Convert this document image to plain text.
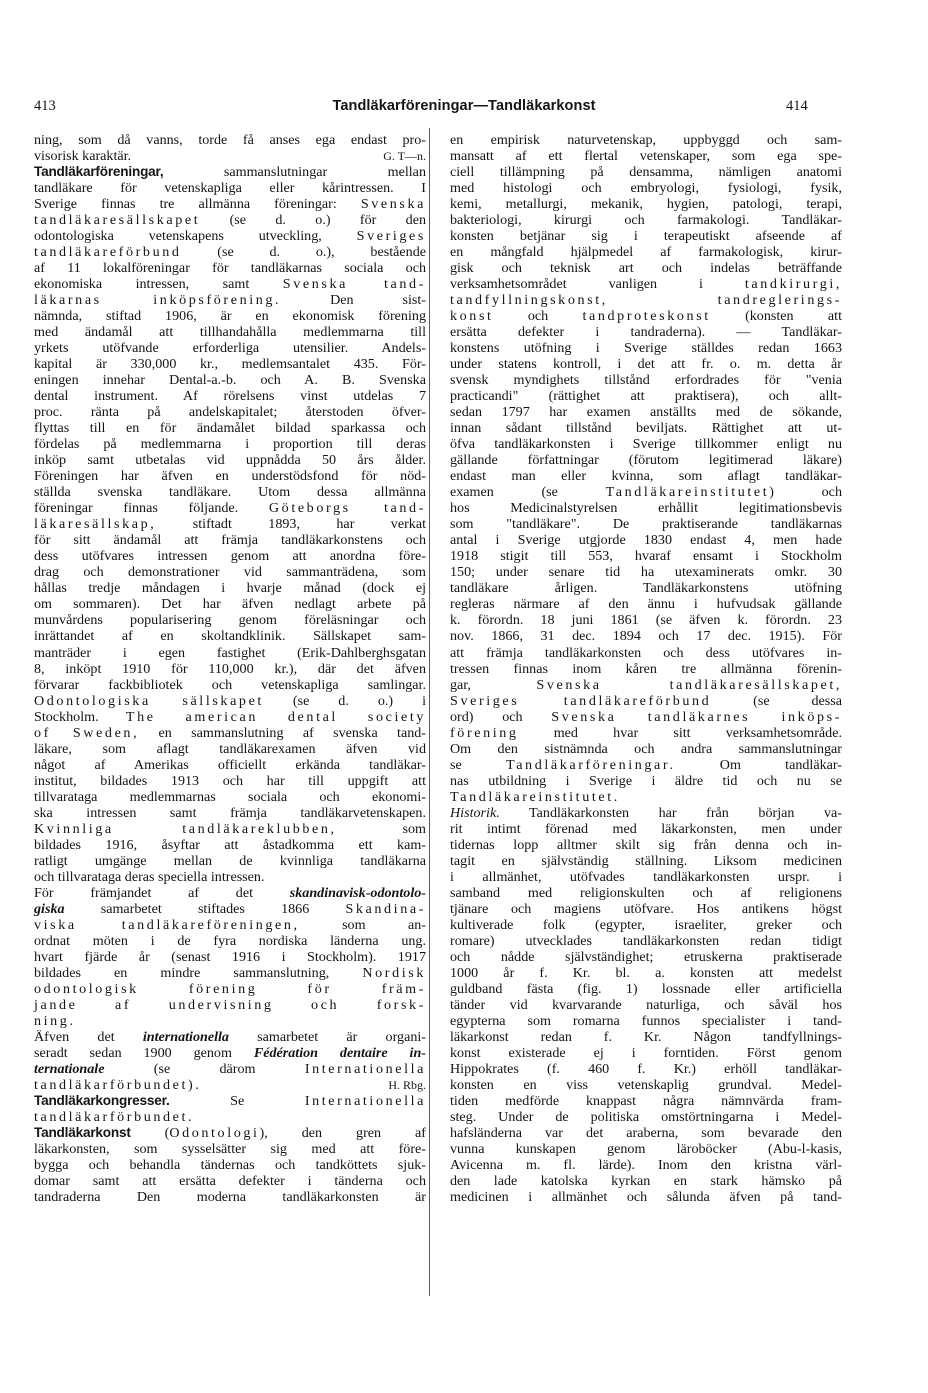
413	Tandläkarföreningar—Tandläkarkonst	414
ning, som då vanns, torde få anses ega endast pro-
visorisk karaktär.	G. T—n.
Tandläkarföreningar, sammanslutningar mellan
tandläkare för vetenskapliga eller kårintressen. I
Sverige finnas tre allmänna föreningar: Svenska
tandläkaresällskapet (se d. o.) för den
odontologiska vetenskapens utveckling, Sveriges
tandläkareförbund (se d. o.), bestående
af 11 lokalföreningar för tandläkarnas sociala och
ekonomiska intressen, samt Svenska tand-
läkarnas inköpsförening. Den sist-
nämnda, stiftad 1906, är en ekonomisk förening
med ändamål att tillhandahålla medlemmarna till
yrkets utöfvande erforderliga utensilier. Andels-
kapital är 330,000 kr., medlemsantalet 435. För-
eningen innehar Dental-a.-b. och A. B. Svenska
dental instrument. Af rörelsens vinst utdelas 7
proc. ränta på andelskapitalet; återstoden öfver-
flyttas till en för ändamålet bildad sparkassa och
fördelas på medlemmarna i proportion till deras
inköp samt utbetalas vid uppnådda 50 års ålder.
Föreningen har äfven en understödsfond för nöd-
ställda svenska tandläkare. Utom dessa allmänna
föreningar finnas följande. Göteborgs tand-
läkaresällskap, stiftadt 1893, har verkat
för sitt ändamål att främja tandläkarkonstens och
dess utöfvares intressen genom att anordna före-
drag och demonstrationer vid sammanträdena, som
hållas tredje måndagen i hvarje månad (dock ej
om sommaren). Det har äfven nedlagt arbete på
munvårdens popularisering genom föreläsningar och
inrättandet af en skoltandklinik. Sällskapet sam-
manträder i egen fastighet (Erik-Dahlberghsgatan
8, inköpt 1910 för 110,000 kr.), där det äfven
förvarar fackbibliotek och vetenskapliga samlingar.
Odontologiska sällskapet (se d. o.) i
Stockholm. The american dental society
of Sweden, en sammanslutning af svenska tand-
läkare, som aflagt tandläkarexamen äfven vid
något af Amerikas officiellt erkända tandläkar-
institut, bildades 1913 och har till uppgift att
tillvarataga medlemmarnas sociala och ekonomi-
ska intressen samt främja tandläkarvetenskapen.
Kvinnliga tandläkareklubben, som
bildades 1916, åsyftar att åstadkomma ett kam-
ratligt umgänge mellan de kvinnliga tandläkarna
och tillvarataga deras speciella intressen.
För främjandet af det skandinavisk-odontolo-
giska samarbetet stiftades 1866 Skandina-
viska tandläkareföreningen, som an-
ordnat möten i de fyra nordiska länderna ung.
hvart fjärde år (senast 1916 i Stockholm). 1917
bildades en mindre sammanslutning, Nordisk
odontologisk förening för främ-
jande af undervisning och forsk-
ning.
Äfven det internationella samarbetet är organi-
seradt sedan 1900 genom Fédération dentaire in-
ternationale (se därom Internationella
tandläkarförbundet).	H. Rbg.
Tandläkarkongresser. Se Internationella
tandläkarförbundet.
Tandläkarkonst (Odontologi), den gren af
läkarkonsten, som sysselsätter sig med att före-
bygga och behandla tändernas och tandköttets sjuk-
domar samt att ersätta defekter i tänderna och
tandraderna Den moderna tandläkarkonsten är
en empirisk naturvetenskap, uppbyggd och sam-
mansatt af ett flertal vetenskaper, som ega spe-
ciell tillämpning på densamma, nämligen anatomi
med histologi och embryologi, fysiologi, fysik,
kemi, metallurgi, mekanik, hygien, patologi, terapi,
bakteriologi, kirurgi och farmakologi. Tandläkar-
konsten betjänar sig i terapeutiskt afseende af
en mångfald hjälpmedel af farmakologisk, kirur-
gisk och teknisk art och indelas beträffande
verksamhetsområdet vanligen i tandkirurgi,
tandfyllningskonst, tandreglerings-
konst och tandproteskonst (konsten att
ersätta defekter i tandraderna). — Tandläkar-
konstens utöfning i Sverige ställdes redan 1663
under statens kontroll, i det att fr. o. m. detta år
svensk myndighets tillstånd erfordrades för "venia
practicandi" (rättighet att praktisera), och allt-
sedan 1797 har examen anställts med de sökande,
innan sådant tillstånd beviljats. Rättighet att ut-
öfva tandläkarkonsten i Sverige tillkommer enligt nu
gällande författningar (förutom legitimerad läkare)
endast man eller kvinna, som aflagt tandläkar-
examen (se Tandläkareinstitutet) och
hos Medicinalstyrelsen erhållit legitimationsbevis
som "tandläkare". De praktiserande tandläkarnas
antal i Sverige utgjorde 1830 endast 4, men hade
1918 stigit till 553, hvaraf ensamt i Stockholm
150; under senare tid ha utexaminerats omkr. 30
tandläkare årligen. Tandläkarkonstens utöfning
regleras närmare af den ännu i hufvudsak gällande
k. förordn. 18 juni 1861 (se äfven k. förordn. 23
nov. 1866, 31 dec. 1894 och 17 dec. 1915). För
att främja tandläkarkonsten och dess utöfvares in-
tressen finnas inom kåren tre allmänna förenin-
gar, Svenska tandläkaresällskapet,
Sveriges tandläkareförbund (se dessa
ord) och Svenska tandläkarnes inköps-
förening med hvar sitt verksamhetsområde.
Om den sistnämnda och andra sammanslutningar
se Tandläkarföreningar. Om tandläkar-
nas utbildning i Sverige i äldre tid och nu se
Tandläkareinstitutet.
Historik. Tandläkarkonsten har från början va-
rit intimt förenad med läkarkonsten, men under
tidernas lopp alltmer skilt sig från denna och in-
tagit en självständig ställning. Liksom medicinen
i allmänhet, utöfvades tandläkarkonsten urspr. i
samband med religionskulten och af religionens
tjänare och magiens utöfvare. Hos antikens högst
kultiverade folk (egypter, israeliter, greker och
romare) utvecklades tandläkarkonsten redan tidigt
och nådde självständighet; etruskerna praktiserade
1000 år f. Kr. bl. a. konsten att medelst
guldband fästa (fig. 1) lossnade eller artificiella
tänder vid kvarvarande naturliga, och såväl hos
egypterna som romarna funnos specialister i tand-
läkarkonst redan f. Kr. Någon tandfyllnings-
konst existerade ej i forntiden. Först genom
Hippokrates (f. 460 f. Kr.) erhöll tandläkar-
konsten en viss vetenskaplig grundval. Medel-
tiden medförde knappast några nämnvärda fram-
steg. Under de politiska omstörtningarna i Medel-
hafsländerna var det araberna, som bevarade den
vunna kunskapen genom läroböcker (Abu-l-kasis,
Avicenna m. fl. lärde). Inom den kristna värl-
den lade katolska kyrkan en stark hämsko på
medicinen i allmänhet och sålunda äfven på tand-
